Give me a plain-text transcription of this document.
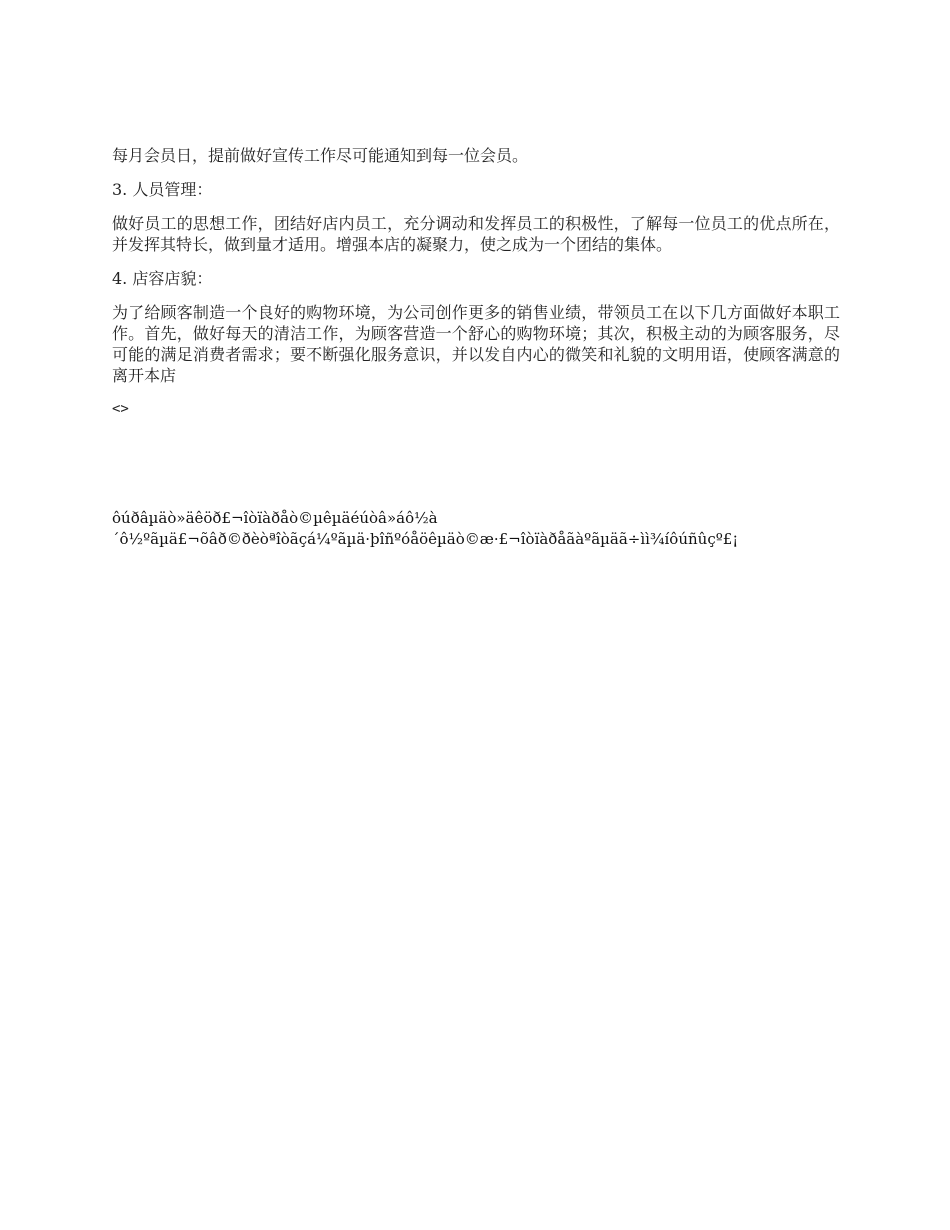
每月会员日，提前做好宣传工作尽可能通知到每一位会员。

3. 人员管理：

做好员工的思想工作，团结好店内员工，充分调动和发挥员工的积极性，了解每一位员工的优点所在，并发挥其特长，做到量才适用。增强本店的凝聚力，使之成为一个团结的集体。

4. 店容店貌：

为了给顾客制造一个良好的购物环境，为公司创作更多的销售业绩，带领员工在以下几方面做好本职工作。首先，做好每天的清洁工作，为顾客营造一个舒心的购物环境；其次，积极主动的为顾客服务，尽可能的满足消费者需求；要不断强化服务意识，并以发自内心的微笑和礼貌的文明用语，使顾客满意的离开本店

<>

ôúðâµäò»äêöð£¬îòïàðåò©µêµäéúòâ»áô½à
´ô½ºãµä£¬õâð©ðèòªîòãçá¼ºãµä·þîñºóåöêµäò©æ·£¬îòïàðåãàºãµäã÷ìì¾íôúñûçº£¡
